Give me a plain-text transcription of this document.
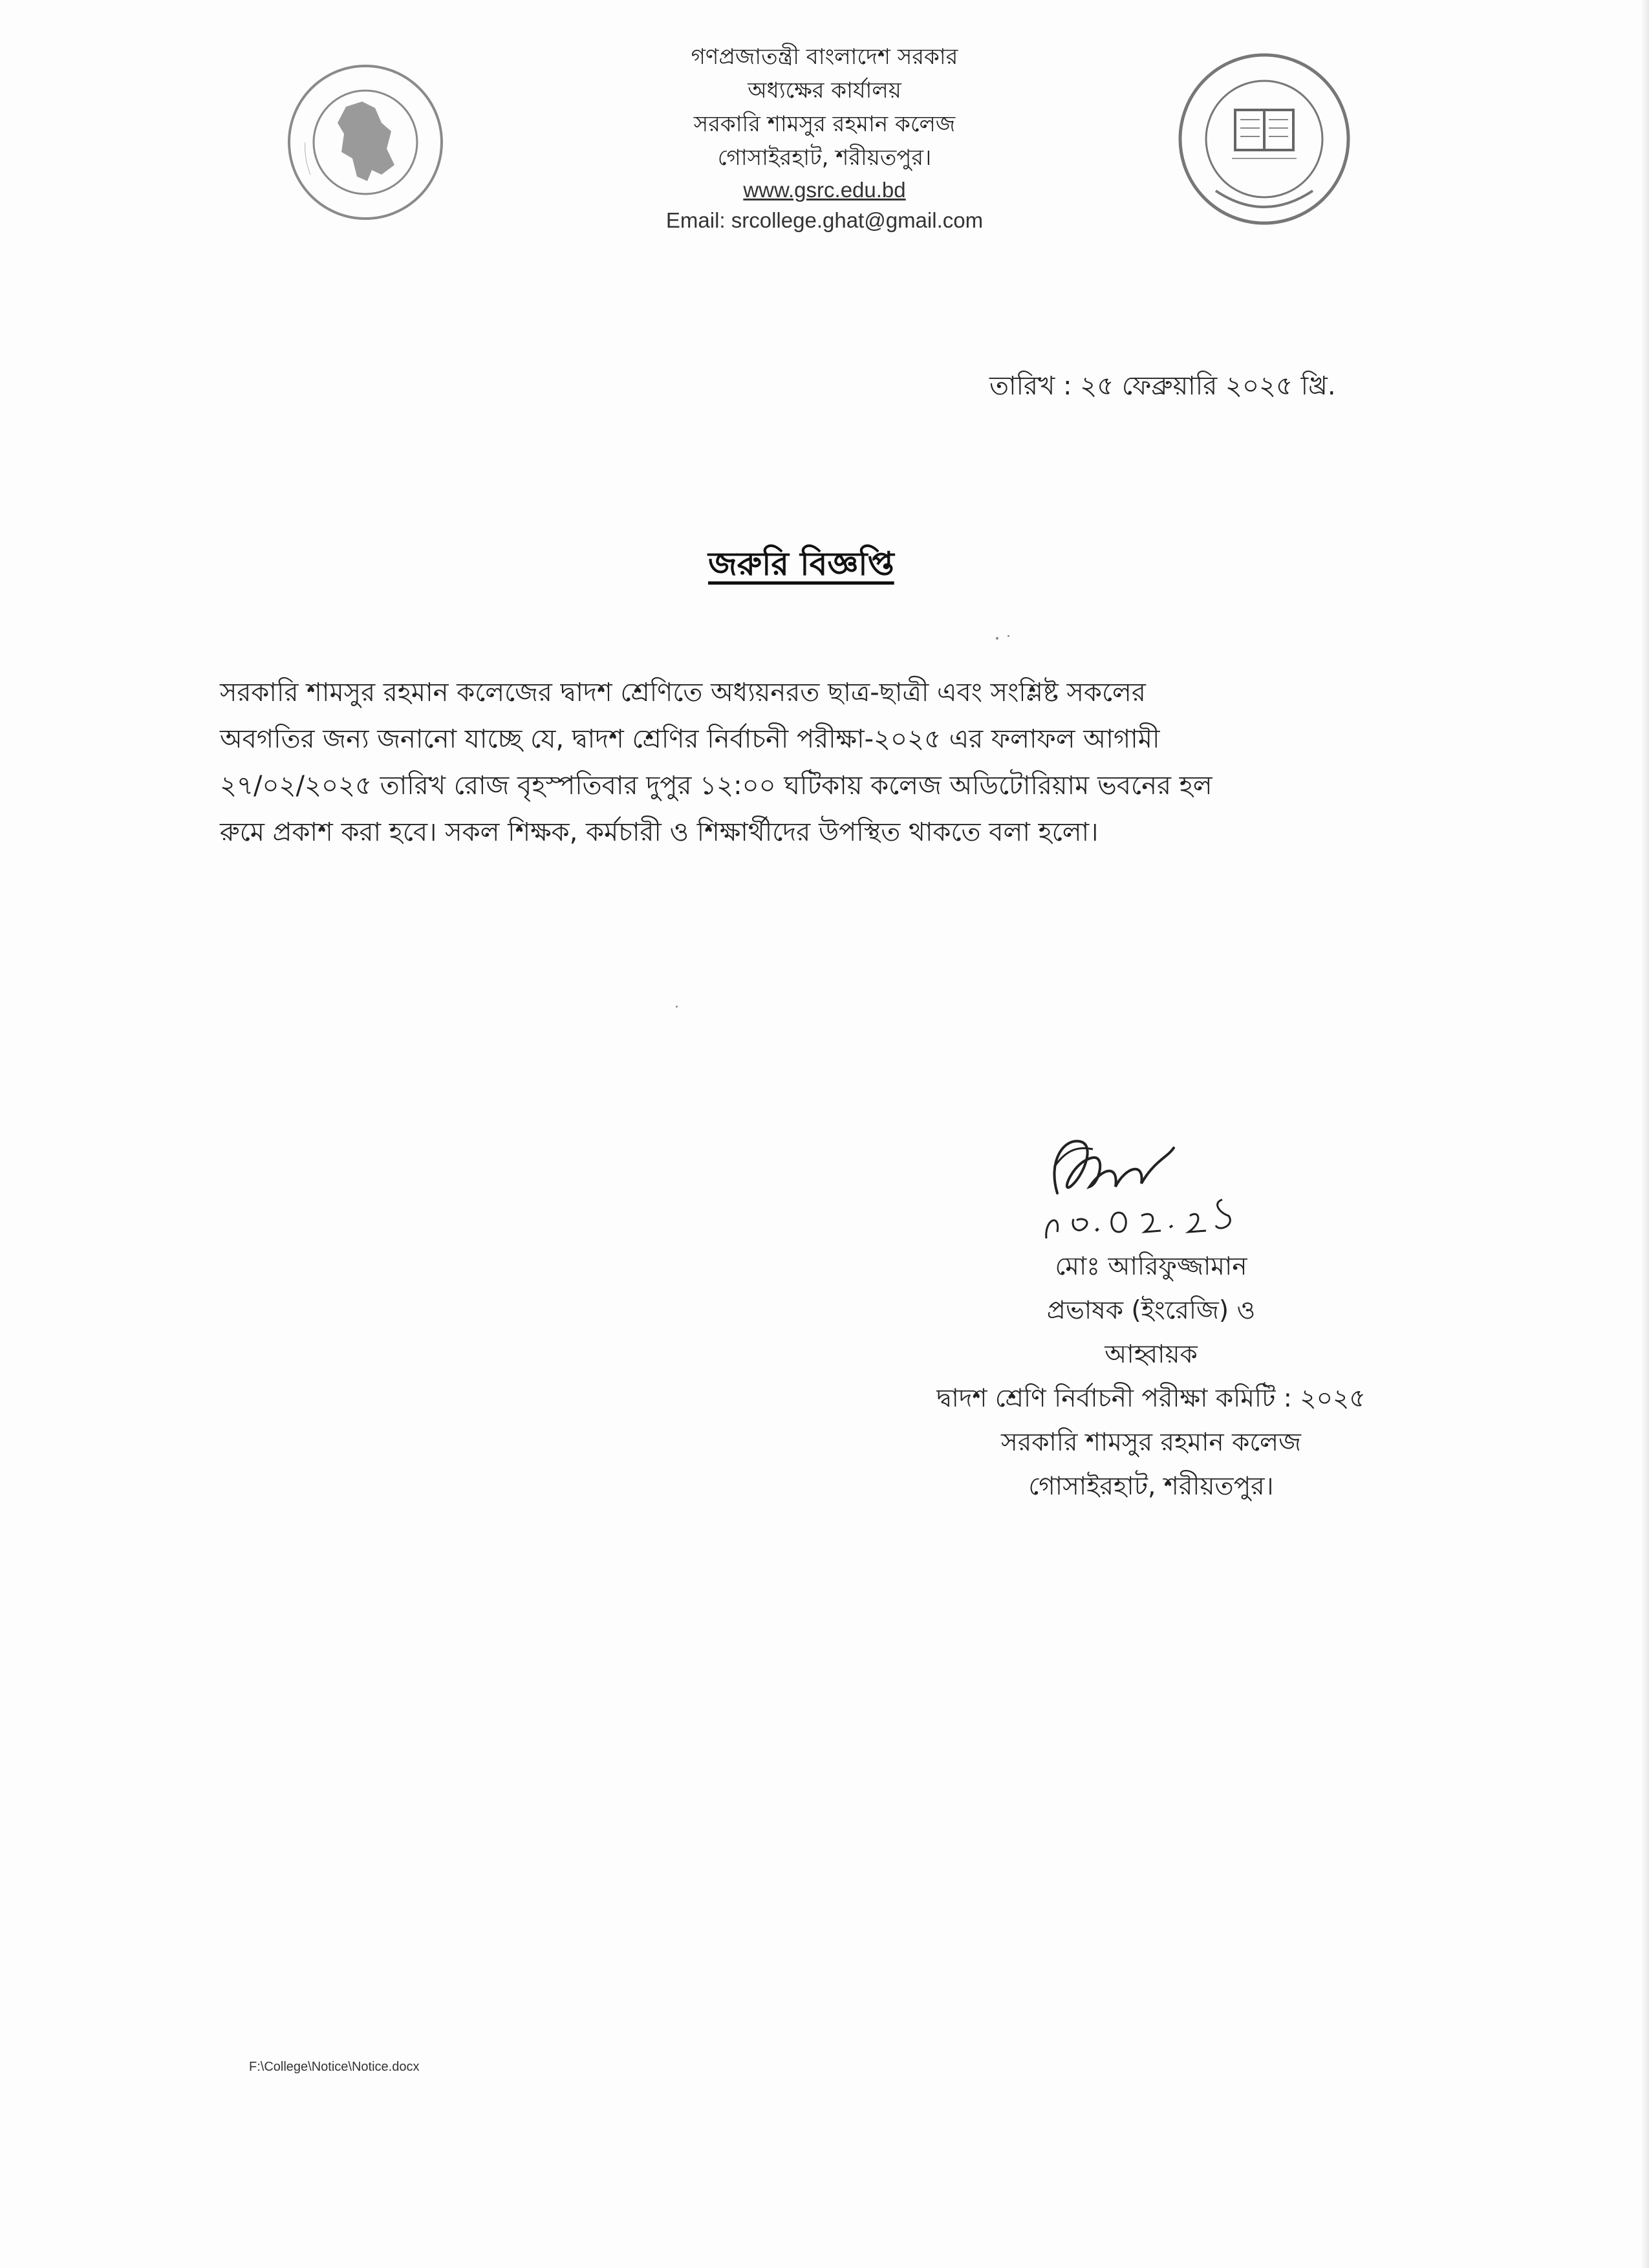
গণপ্রজাতন্ত্রী বাংলাদেশ সরকার
অধ্যক্ষের কার্যালয়
সরকারি শামসুর রহমান কলেজ
গোসাইরহাট, শরীয়তপুর।
www.gsrc.edu.bd
Email: srcollege.ghat@gmail.com
তারিখ : ২৫ ফেব্রুয়ারি ২০২৫ খ্রি.
জরুরি বিজ্ঞপ্তি
সরকারি শামসুর রহমান কলেজের দ্বাদশ শ্রেণিতে অধ্যয়নরত ছাত্র-ছাত্রী এবং সংশ্লিষ্ট সকলের
অবগতির জন্য জনানো যাচ্ছে যে, দ্বাদশ শ্রেণির নির্বাচনী পরীক্ষা-২০২৫ এর ফলাফল আগামী
২৭/০২/২০২৫ তারিখ রোজ বৃহস্পতিবার দুপুর ১২:০০ ঘটিকায় কলেজ অডিটোরিয়াম ভবনের হল
রুমে প্রকাশ করা হবে। সকল শিক্ষক, কর্মচারী ও শিক্ষার্থীদের উপস্থিত থাকতে বলা হলো।
মোঃ আরিফুজ্জামান
প্রভাষক (ইংরেজি) ও
আহ্বায়ক
দ্বাদশ শ্রেণি নির্বাচনী পরীক্ষা কমিটি : ২০২৫
সরকারি শামসুর রহমান কলেজ
গোসাইরহাট, শরীয়তপুর।
F:\College\Notice\Notice.docx
